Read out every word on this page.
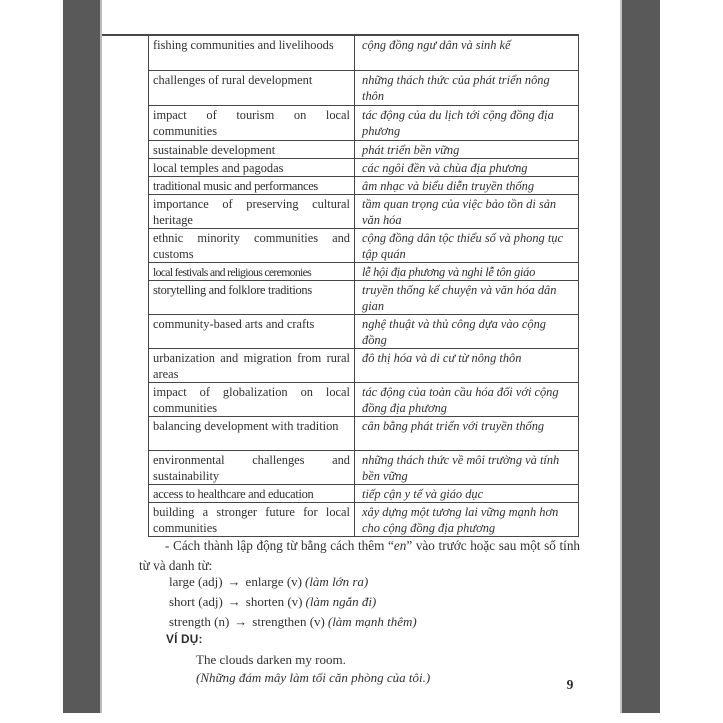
fishing communities and livelihoods	cộng đồng ngư dân và sinh kế
challenges of rural development	những thách thức của phát triển nông thôn
impact of tourism on local communities	tác động của du lịch tới cộng đồng địa phương
sustainable development	phát triển bền vững
local temples and pagodas	các ngôi đền và chùa địa phương
traditional music and performances	âm nhạc và biểu diễn truyền thống
importance of preserving cultural heritage	tầm quan trọng của việc bảo tồn di sản văn hóa
ethnic minority communities and customs	cộng đồng dân tộc thiểu số và phong tục tập quán
local festivals and religious ceremonies	lễ hội địa phương và nghi lễ tôn giáo
storytelling and folklore traditions	truyền thống kể chuyện và văn hóa dân gian
community-based arts and crafts	nghệ thuật và thủ công dựa vào cộng đồng
urbanization and migration from rural areas	đô thị hóa và di cư từ nông thôn
impact of globalization on local communities	tác động của toàn cầu hóa đối với cộng đồng địa phương
balancing development with tradition	cân bằng phát triển với truyền thống
environmental challenges and sustainability	những thách thức về môi trường và tính bền vững
access to healthcare and education	tiếp cận y tế và giáo dục
building a stronger future for local communities	xây dựng một tương lai vững mạnh hơn cho cộng đồng địa phương

- Cách thành lập động từ bằng cách thêm “en” vào trước hoặc sau một số tính từ và danh từ:

large (adj) → enlarge (v) (làm lớn ra)
short (adj) → shorten (v) (làm ngắn đi)
strength (n) → strengthen (v) (làm mạnh thêm)
VÍ DỤ:
The clouds darken my room.
(Những đám mây làm tối căn phòng của tôi.)	9
